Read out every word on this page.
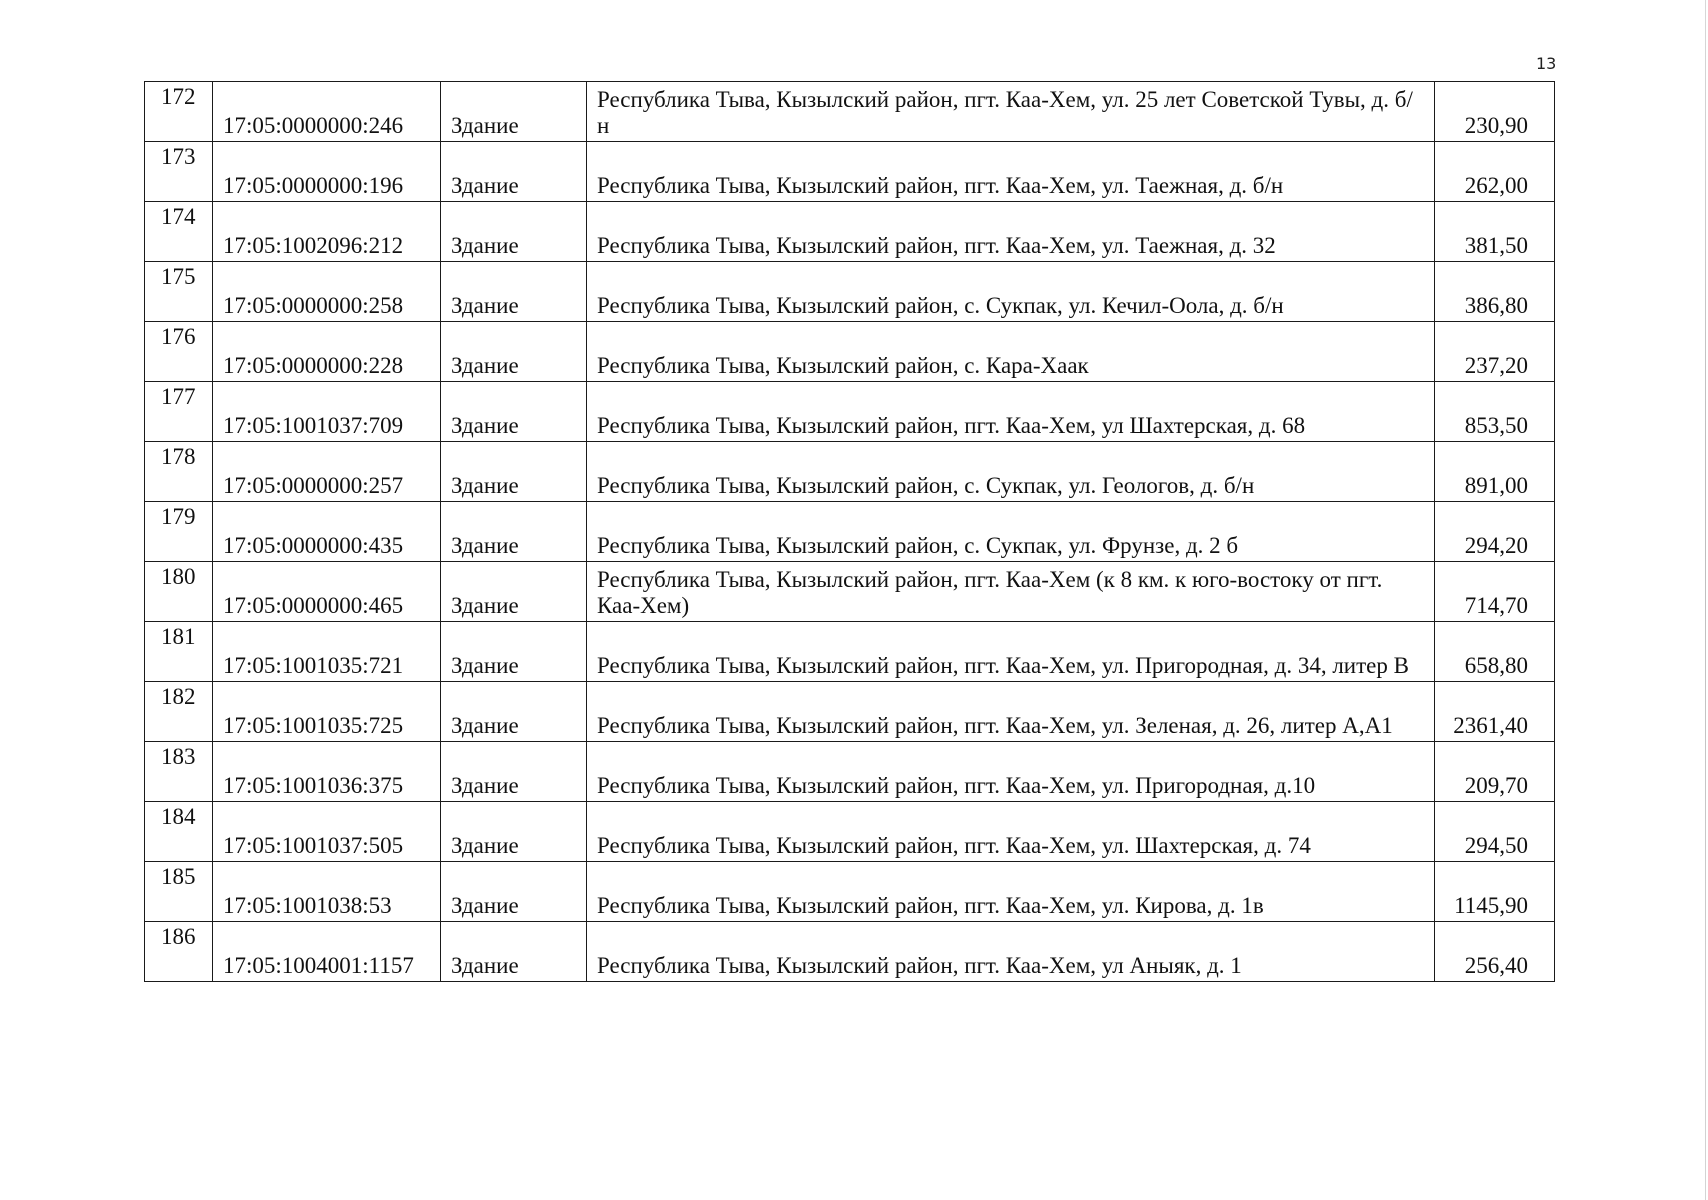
13
172	17:05:0000000:246	Здание	Республика Тыва, Кызылский район, пгт. Каа-Хем, ул. 25 лет Советской Тувы, д. б/н	230,90
173	17:05:0000000:196	Здание	Республика Тыва, Кызылский район, пгт. Каа-Хем, ул. Таежная, д. б/н	262,00
174	17:05:1002096:212	Здание	Республика Тыва, Кызылский район, пгт. Каа-Хем, ул. Таежная, д. 32	381,50
175	17:05:0000000:258	Здание	Республика Тыва, Кызылский район, с. Сукпак, ул. Кечил-Оола, д. б/н	386,80
176	17:05:0000000:228	Здание	Республика Тыва, Кызылский район, с. Кара-Хаак	237,20
177	17:05:1001037:709	Здание	Республика Тыва, Кызылский район, пгт. Каа-Хем, ул Шахтерская, д. 68	853,50
178	17:05:0000000:257	Здание	Республика Тыва, Кызылский район, с. Сукпак, ул. Геологов, д. б/н	891,00
179	17:05:0000000:435	Здание	Республика Тыва, Кызылский район, с. Сукпак, ул. Фрунзе, д. 2 б	294,20
180	17:05:0000000:465	Здание	Республика Тыва, Кызылский район, пгт. Каа-Хем (к 8 км. к юго-востоку от пгт. Каа-Хем)	714,70
181	17:05:1001035:721	Здание	Республика Тыва, Кызылский район, пгт. Каа-Хем, ул. Пригородная, д. 34, литер В	658,80
182	17:05:1001035:725	Здание	Республика Тыва, Кызылский район, пгт. Каа-Хем, ул. Зеленая, д. 26, литер А,А1	2361,40
183	17:05:1001036:375	Здание	Республика Тыва, Кызылский район, пгт. Каа-Хем, ул. Пригородная, д.10	209,70
184	17:05:1001037:505	Здание	Республика Тыва, Кызылский район, пгт. Каа-Хем, ул. Шахтерская, д. 74	294,50
185	17:05:1001038:53	Здание	Республика Тыва, Кызылский район, пгт. Каа-Хем, ул. Кирова, д. 1в	1145,90
186	17:05:1004001:1157	Здание	Республика Тыва, Кызылский район, пгт. Каа-Хем, ул Аныяк, д. 1	256,40
